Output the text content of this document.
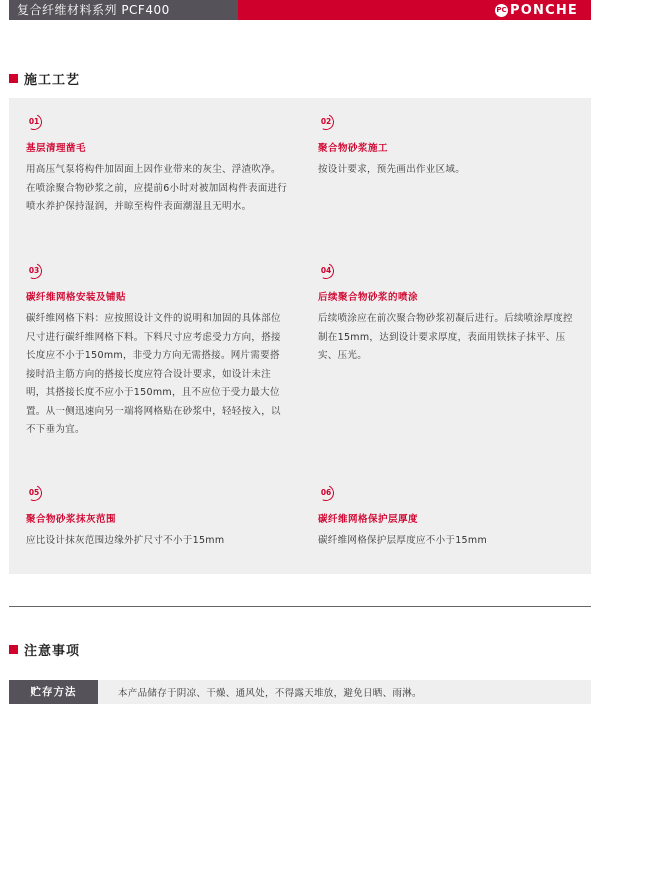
复合纤维材料系列 PCF400	PC PONCHE
施工工艺
01
基层清理凿毛
用高压气泵将构件加固面上因作业带来的灰尘、浮渣吹净。在喷涂聚合物砂浆之前，应提前6小时对被加固构件表面进行喷水养护保持湿润，并晾至构件表面潮湿且无明水。
02
聚合物砂浆施工
按设计要求，预先画出作业区域。
03
碳纤维网格安装及铺贴
碳纤维网格下料：应按照设计文件的说明和加固的具体部位尺寸进行碳纤维网格下料。下料尺寸应考虑受力方向，搭接长度应不小于150mm，非受力方向无需搭接。网片需要搭接时沿主筋方向的搭接长度应符合设计要求，如设计未注明，其搭接长度不应小于150mm，且不应位于受力最大位置。从一侧迅速向另一端将网格贴在砂浆中，轻轻按入，以不下垂为宜。
04
后续聚合物砂浆的喷涂
后续喷涂应在前次聚合物砂浆初凝后进行。后续喷涂厚度控制在15mm，达到设计要求厚度，表面用铁抹子抹平、压实、压光。
05
聚合物砂浆抹灰范围
应比设计抹灰范围边缘外扩尺寸不小于15mm
06
碳纤维网格保护层厚度
碳纤维网格保护层厚度应不小于15mm
注意事项
贮存方法	本产品储存于阴凉、干燥、通风处，不得露天堆放，避免日晒、雨淋。
